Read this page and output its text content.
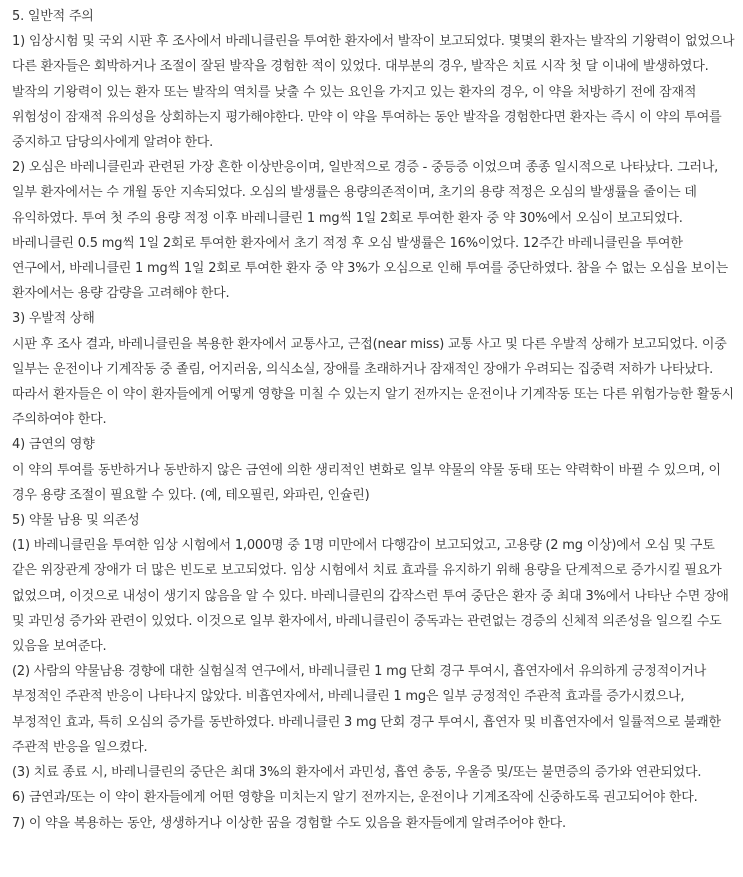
5. 일반적 주의

1) 임상시험 및 국외 시판 후 조사에서 바레니클린을 투여한 환자에서 발작이 보고되었다. 몇몇의 환자는 발작의 기왕력이 없었으나 다른 환자들은 회박하거나 조절이 잘된 발작을 경험한 적이 있었다. 대부분의 경우, 발작은 치료 시작 첫 달 이내에 발생하였다. 발작의 기왕력이 있는 환자 또는 발작의 역치를 낮출 수 있는 요인을 가지고 있는 환자의 경우, 이 약을 처방하기 전에 잠재적 위험성이 잠재적 유의성을 상회하는지 평가해야한다. 만약 이 약을 투여하는 동안 발작을 경험한다면 환자는 즉시 이 약의 투여를 중지하고 담당의사에게 알려야 한다.

2) 오심은 바레니클린과 관련된 가장 흔한 이상반응이며, 일반적으로 경증 - 중등증 이었으며 종종 일시적으로 나타났다. 그러나, 일부 환자에서는 수 개월 동안 지속되었다. 오심의 발생률은 용량의존적이며, 초기의 용량 적정은 오심의 발생률을 줄이는 데 유익하였다. 투여 첫 주의 용량 적정 이후 바레니클린 1 mg씩 1일 2회로 투여한 환자 중 약 30%에서 오심이 보고되었다. 바레니클린 0.5 mg씩 1일 2회로 투여한 환자에서 초기 적정 후 오심 발생률은 16%이었다. 12주간 바레니클린을 투여한 연구에서, 바레니클린 1 mg씩 1일 2회로 투여한 환자 중 약 3%가 오심으로 인해 투여를 중단하였다. 참을 수 없는 오심을 보이는 환자에서는 용량 감량을 고려해야 한다.

3) 우발적 상해

시판 후 조사 결과, 바레니클린을 복용한 환자에서 교통사고, 근접(near miss) 교통 사고 및 다른 우발적 상해가 보고되었다. 이중 일부는 운전이나 기계작동 중 졸림, 어지러움, 의식소실, 장애를 초래하거나 잠재적인 장애가 우려되는 집중력 저하가 나타났다. 따라서 환자들은 이 약이 환자들에게 어떻게 영향을 미칠 수 있는지 알기 전까지는 운전이나 기계작동 또는 다른 위험가능한 활동시 주의하여야 한다.

4) 금연의 영향

이 약의 투여를 동반하거나 동반하지 않은 금연에 의한 생리적인 변화로 일부 약물의 약물 동태 또는 약력학이 바뀔 수 있으며, 이 경우 용량 조절이 필요할 수 있다. (예, 테오필린, 와파린, 인슐린)

5) 약물 남용 및 의존성

(1) 바레니클린을 투여한 임상 시험에서 1,000명 중 1명 미만에서 다행감이 보고되었고, 고용량 (2 mg 이상)에서 오심 및 구토 같은 위장관계 장애가 더 많은 빈도로 보고되었다. 임상 시험에서 치료 효과를 유지하기 위해 용량을 단계적으로 증가시킬 필요가 없었으며, 이것으로 내성이 생기지 않음을 알 수 있다. 바레니클린의 갑작스런 투여 중단은 환자 중 최대 3%에서 나타난 수면 장애 및 과민성 증가와 관련이 있었다. 이것으로 일부 환자에서, 바레니클린이 중독과는 관련없는 경증의 신체적 의존성을 일으킬 수도 있음을 보여준다.

(2) 사람의 약물남용 경향에 대한 실험실적 연구에서, 바레니클린 1 mg 단회 경구 투여시, 흡연자에서 유의하게 긍정적이거나 부정적인 주관적 반응이 나타나지 않았다. 비흡연자에서, 바레니클린 1 mg은 일부 긍정적인 주관적 효과를 증가시켰으나, 부정적인 효과, 특히 오심의 증가를 동반하였다. 바레니클린 3 mg 단회 경구 투여시, 흡연자 및 비흡연자에서 일률적으로 불쾌한 주관적 반응을 일으켰다.

(3) 치료 종료 시, 바레니클린의 중단은 최대 3%의 환자에서 과민성, 흡연 충동, 우울증 및/또는 불면증의 증가와 연관되었다.

6) 금연과/또는 이 약이 환자들에게 어떤 영향을 미치는지 알기 전까지는, 운전이나 기계조작에 신중하도록 권고되어야 한다.

7) 이 약을 복용하는 동안, 생생하거나 이상한 꿈을 경험할 수도 있음을 환자들에게 알려주어야 한다.
